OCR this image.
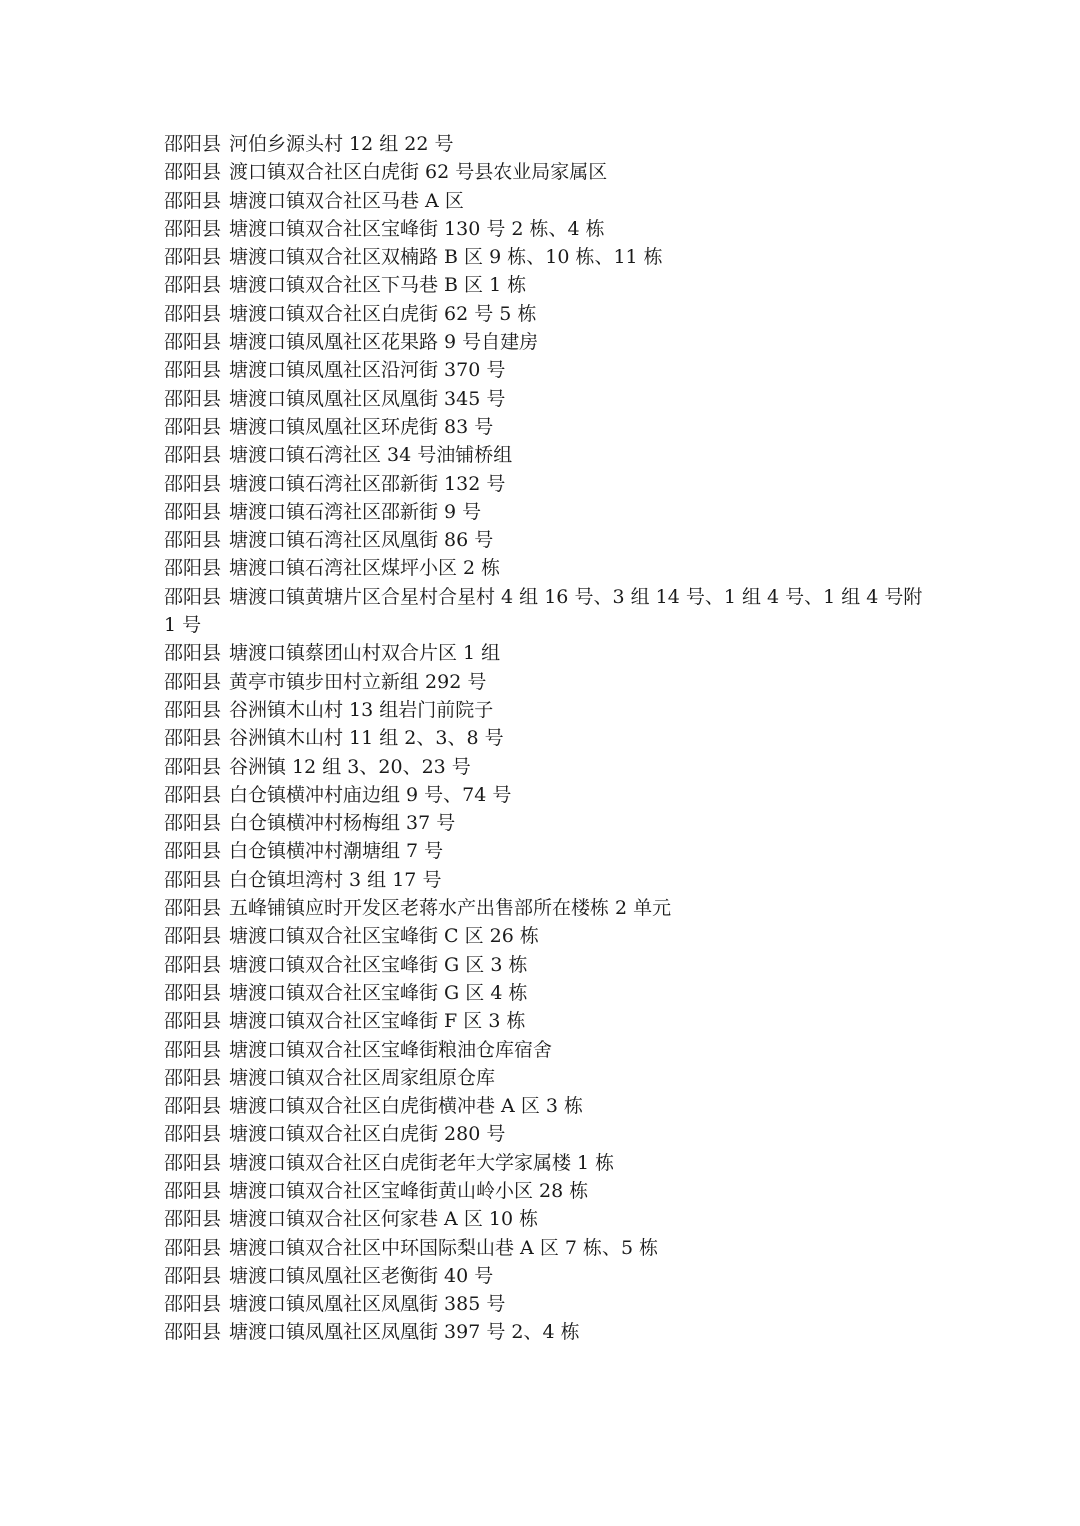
邵阳县 河伯乡源头村 12 组 22 号
邵阳县 渡口镇双合社区白虎街 62 号县农业局家属区
邵阳县 塘渡口镇双合社区马巷 A 区
邵阳县 塘渡口镇双合社区宝峰街 130 号 2 栋、4 栋
邵阳县 塘渡口镇双合社区双楠路 B 区 9 栋、10 栋、11 栋
邵阳县 塘渡口镇双合社区下马巷 B 区 1 栋
邵阳县 塘渡口镇双合社区白虎街 62 号 5 栋
邵阳县 塘渡口镇凤凰社区花果路 9 号自建房
邵阳县 塘渡口镇凤凰社区沿河街 370 号
邵阳县 塘渡口镇凤凰社区凤凰街 345 号
邵阳县 塘渡口镇凤凰社区环虎街 83 号
邵阳县 塘渡口镇石湾社区 34 号油铺桥组
邵阳县 塘渡口镇石湾社区邵新街 132 号
邵阳县 塘渡口镇石湾社区邵新街 9 号
邵阳县 塘渡口镇石湾社区凤凰街 86 号
邵阳县 塘渡口镇石湾社区煤坪小区 2 栋
邵阳县 塘渡口镇黄塘片区合星村合星村 4 组 16 号、3 组 14 号、1 组 4 号、1 组 4 号附 1 号
邵阳县 塘渡口镇蔡团山村双合片区 1 组
邵阳县 黄亭市镇步田村立新组 292 号
邵阳县 谷洲镇木山村 13 组岩门前院子
邵阳县 谷洲镇木山村 11 组 2、3、8 号
邵阳县 谷洲镇 12 组 3、20、23 号
邵阳县 白仓镇横冲村庙边组 9 号、74 号
邵阳县 白仓镇横冲村杨梅组 37 号
邵阳县 白仓镇横冲村潮塘组 7 号
邵阳县 白仓镇坦湾村 3 组 17 号
邵阳县 五峰铺镇应时开发区老蒋水产出售部所在楼栋 2 单元
邵阳县 塘渡口镇双合社区宝峰街 C 区 26 栋
邵阳县 塘渡口镇双合社区宝峰街 G 区 3 栋
邵阳县 塘渡口镇双合社区宝峰街 G 区 4 栋
邵阳县 塘渡口镇双合社区宝峰街 F 区 3 栋
邵阳县 塘渡口镇双合社区宝峰街粮油仓库宿舍
邵阳县 塘渡口镇双合社区周家组原仓库
邵阳县 塘渡口镇双合社区白虎街横冲巷 A 区 3 栋
邵阳县 塘渡口镇双合社区白虎街 280 号
邵阳县 塘渡口镇双合社区白虎街老年大学家属楼 1 栋
邵阳县 塘渡口镇双合社区宝峰街黄山岭小区 28 栋
邵阳县 塘渡口镇双合社区何家巷 A 区 10 栋
邵阳县 塘渡口镇双合社区中环国际梨山巷 A 区 7 栋、5 栋
邵阳县 塘渡口镇凤凰社区老衡街 40 号
邵阳县 塘渡口镇凤凰社区凤凰街 385 号
邵阳县 塘渡口镇凤凰社区凤凰街 397 号 2、4 栋
